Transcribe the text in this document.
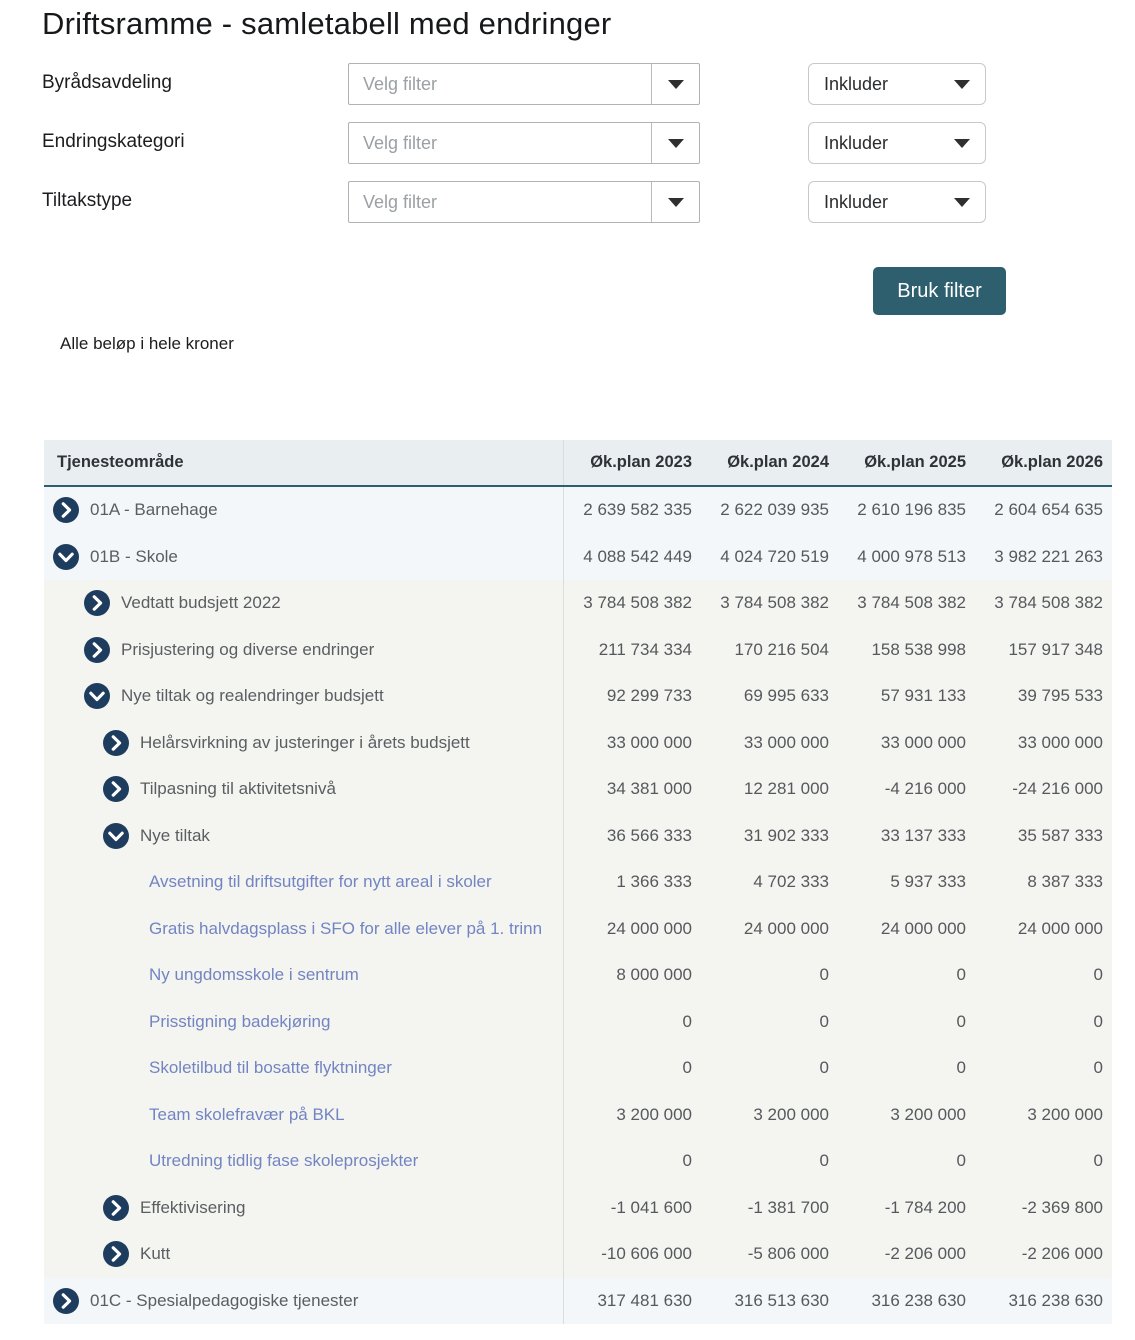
Driftsramme - samletabell med endringer
Byrådsavdeling	Velg filter	Inkluder
Endringskategori	Velg filter	Inkluder
Tiltakstype	Velg filter	Inkluder
Bruk filter
Alle beløp i hele kroner
Tjenesteområde	Øk.plan 2023	Øk.plan 2024	Øk.plan 2025	Øk.plan 2026
01A - Barnehage	2 639 582 335	2 622 039 935	2 610 196 835	2 604 654 635
01B - Skole	4 088 542 449	4 024 720 519	4 000 978 513	3 982 221 263
Vedtatt budsjett 2022	3 784 508 382	3 784 508 382	3 784 508 382	3 784 508 382
Prisjustering og diverse endringer	211 734 334	170 216 504	158 538 998	157 917 348
Nye tiltak og realendringer budsjett	92 299 733	69 995 633	57 931 133	39 795 533
Helårsvirkning av justeringer i årets budsjett	33 000 000	33 000 000	33 000 000	33 000 000
Tilpasning til aktivitetsnivå	34 381 000	12 281 000	-4 216 000	-24 216 000
Nye tiltak	36 566 333	31 902 333	33 137 333	35 587 333
Avsetning til driftsutgifter for nytt areal i skoler	1 366 333	4 702 333	5 937 333	8 387 333
Gratis halvdagsplass i SFO for alle elever på 1. trinn	24 000 000	24 000 000	24 000 000	24 000 000
Ny ungdomsskole i sentrum	8 000 000	0	0	0
Prisstigning badekjøring	0	0	0	0
Skoletilbud til bosatte flyktninger	0	0	0	0
Team skolefravær på BKL	3 200 000	3 200 000	3 200 000	3 200 000
Utredning tidlig fase skoleprosjekter	0	0	0	0
Effektivisering	-1 041 600	-1 381 700	-1 784 200	-2 369 800
Kutt	-10 606 000	-5 806 000	-2 206 000	-2 206 000
01C - Spesialpedagogiske tjenester	317 481 630	316 513 630	316 238 630	316 238 630
